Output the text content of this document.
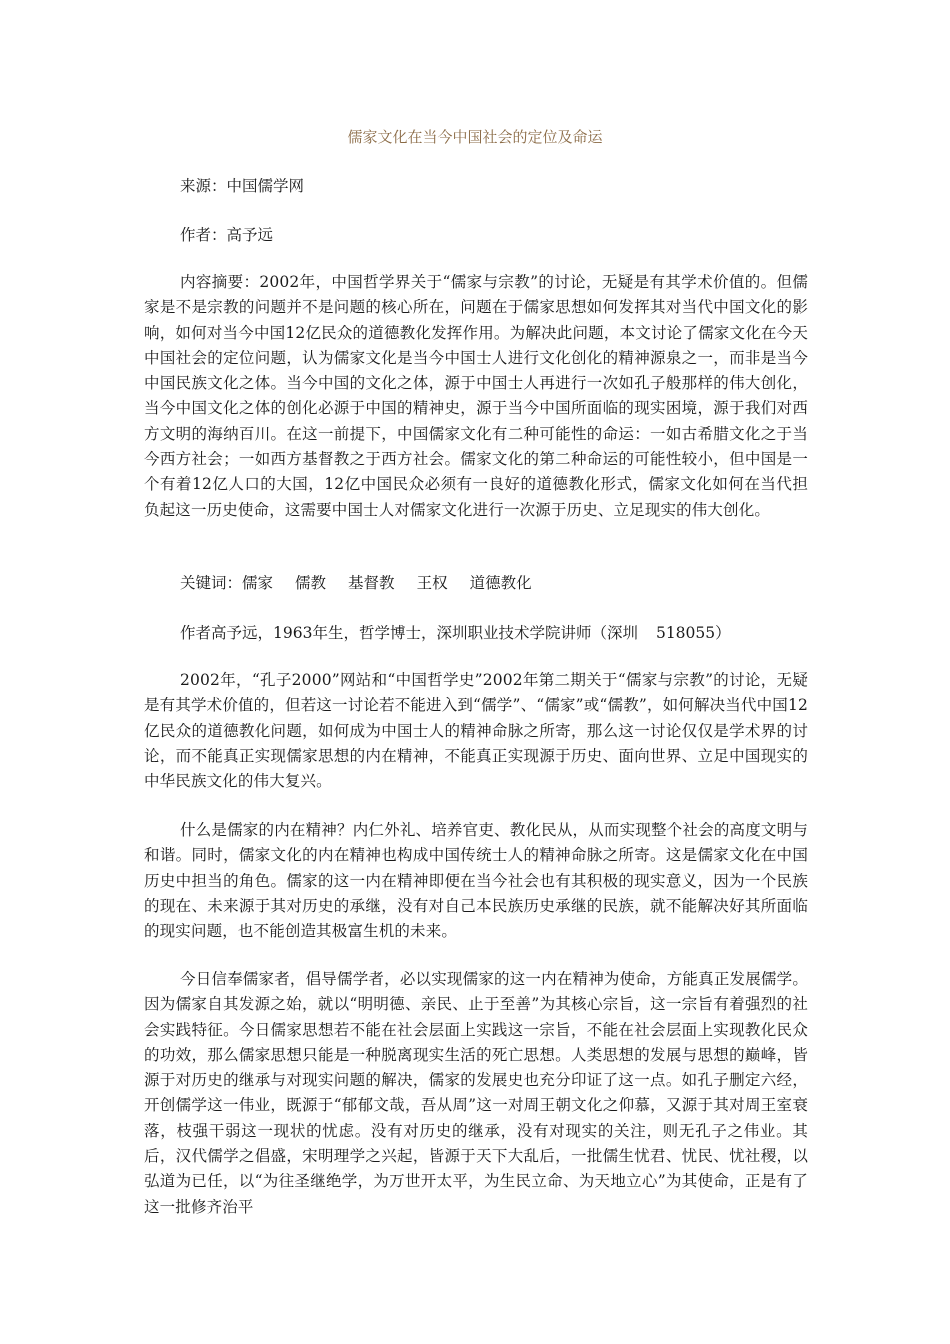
儒家文化在当今中国社会的定位及命运

来源：中国儒学网

作者：高予远

内容摘要：2002年，中国哲学界关于“儒家与宗教”的讨论，无疑是有其学术价值的。但儒家是不是宗教的问题并不是问题的核心所在，问题在于儒家思想如何发挥其对当代中国文化的影响，如何对当今中国12亿民众的道德教化发挥作用。为解决此问题，本文讨论了儒家文化在今天中国社会的定位问题，认为儒家文化是当今中国士人进行文化创化的精神源泉之一，而非是当今中国民族文化之体。当今中国的文化之体，源于中国士人再进行一次如孔子般那样的伟大创化，当今中国文化之体的创化必源于中国的精神史，源于当今中国所面临的现实困境，源于我们对西方文明的海纳百川。在这一前提下，中国儒家文化有二种可能性的命运：一如古希腊文化之于当今西方社会；一如西方基督教之于西方社会。儒家文化的第二种命运的可能性较小，但中国是一个有着12亿人口的大国，12亿中国民众必须有一良好的道德教化形式，儒家文化如何在当代担负起这一历史使命，这需要中国士人对儒家文化进行一次源于历史、立足现实的伟大创化。

关键词：儒家 儒教 基督教 王权 道德教化

作者高予远，1963年生，哲学博士，深圳职业技术学院讲师（深圳 518055）

2002年，“孔子2000”网站和“中国哲学史”2002年第二期关于“儒家与宗教”的讨论，无疑是有其学术价值的，但若这一讨论若不能进入到“儒学”、“儒家”或“儒教”，如何解决当代中国12亿民众的道德教化问题，如何成为中国士人的精神命脉之所寄，那么这一讨论仅仅是学术界的讨论，而不能真正实现儒家思想的内在精神，不能真正实现源于历史、面向世界、立足中国现实的中华民族文化的伟大复兴。

什么是儒家的内在精神？内仁外礼、培养官吏、教化民从，从而实现整个社会的高度文明与和谐。同时，儒家文化的内在精神也构成中国传统士人的精神命脉之所寄。这是儒家文化在中国历史中担当的角色。儒家的这一内在精神即便在当今社会也有其积极的现实意义，因为一个民族的现在、未来源于其对历史的承继，没有对自己本民族历史承继的民族，就不能解决好其所面临的现实问题，也不能创造其极富生机的未来。

今日信奉儒家者，倡导儒学者，必以实现儒家的这一内在精神为使命，方能真正发展儒学。因为儒家自其发源之始，就以“明明德、亲民、止于至善”为其核心宗旨，这一宗旨有着强烈的社会实践特征。今日儒家思想若不能在社会层面上实践这一宗旨，不能在社会层面上实现教化民众的功效，那么儒家思想只能是一种脱离现实生活的死亡思想。人类思想的发展与思想的巅峰，皆源于对历史的继承与对现实问题的解决，儒家的发展史也充分印证了这一点。如孔子删定六经，开创儒学这一伟业，既源于“郁郁文哉，吾从周”这一对周王朝文化之仰慕，又源于其对周王室衰落，枝强干弱这一现状的忧虑。没有对历史的继承，没有对现实的关注，则无孔子之伟业。其后，汉代儒学之倡盛，宋明理学之兴起，皆源于天下大乱后，一批儒生忧君、忧民、忧社稷，以弘道为已任，以“为往圣继绝学，为万世开太平，为生民立命、为天地立心”为其使命，正是有了这一批修齐治平
